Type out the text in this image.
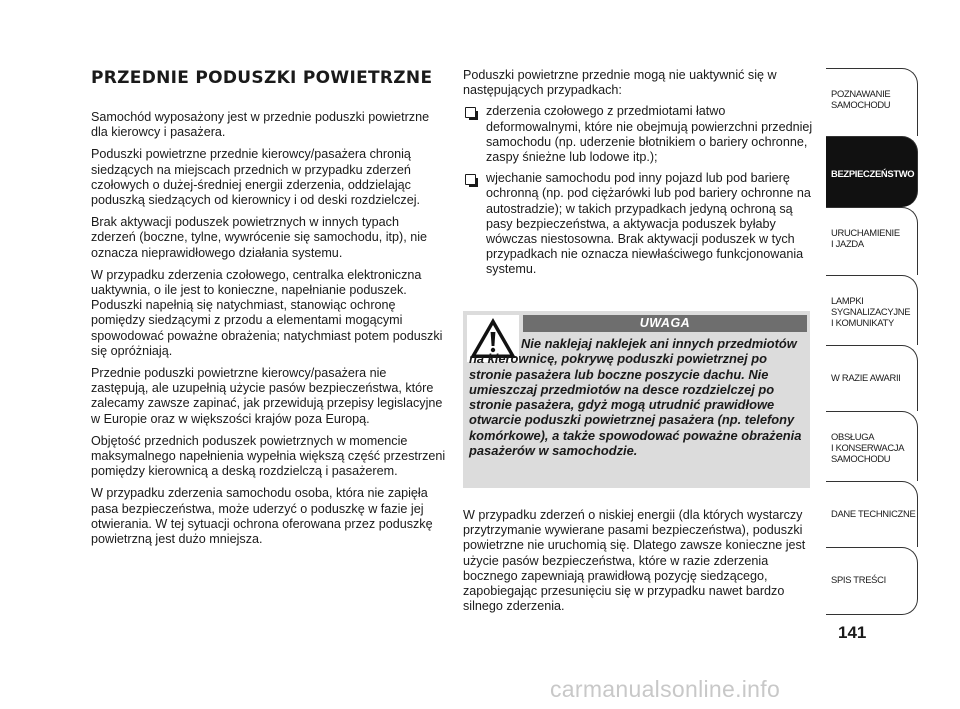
PRZEDNIE PODUSZKI POWIETRZNE

Samochód wyposażony jest w przednie poduszki powietrzne dla kierowcy i pasażera.

Poduszki powietrzne przednie kierowcy/pasażera chronią siedzących na miejscach przednich w przypadku zderzeń czołowych o dużej-średniej energii zderzenia, oddzielając poduszką siedzących od kierownicy i od deski rozdzielczej.

Brak aktywacji poduszek powietrznych w innych typach zderzeń (boczne, tylne, wywrócenie się samochodu, itp), nie oznacza nieprawidłowego działania systemu.

W przypadku zderzenia czołowego, centralka elektroniczna uaktywnia, o ile jest to konieczne, napełnianie poduszek. Poduszki napełnią się natychmiast, stanowiąc ochronę pomiędzy siedzącymi z przodu a elementami mogącymi spowodować poważne obrażenia; natychmiast potem poduszki się opróżniają.

Przednie poduszki powietrzne kierowcy/pasażera nie zastępują, ale uzupełnią użycie pasów bezpieczeństwa, które zalecamy zawsze zapinać, jak przewidują przepisy legislacyjne w Europie oraz w większości krajów poza Europą.

Objętość przednich poduszek powietrznych w momencie maksymalnego napełnienia wypełnia większą część przestrzeni pomiędzy kierownicą a deską rozdzielczą i pasażerem.

W przypadku zderzenia samochodu osoba, która nie zapięła pasa bezpieczeństwa, może uderzyć o poduszkę w fazie jej otwierania. W tej sytuacji ochrona oferowana przez poduszkę powietrzną jest dużo mniejsza.

Poduszki powietrzne przednie mogą nie uaktywnić się w następujących przypadkach:

zderzenia czołowego z przedmiotami łatwo deformowalnymi, które nie obejmują powierzchni przedniej samochodu (np. uderzenie błotnikiem o bariery ochronne, zaspy śnieżne lub lodowe itp.);
wjechanie samochodu pod inny pojazd lub pod barierę ochronną (np. pod ciężarówki lub pod bariery ochronne na autostradzie); w takich przypadkach jedyną ochroną są pasy bezpieczeństwa, a aktywacja poduszek byłaby wówczas niestosowna. Brak aktywacji poduszek w tych przypadkach nie oznacza niewłaściwego funkcjonowania systemu.
UWAGA
Nie naklejaj naklejek ani innych przedmiotów na kierownicę, pokrywę poduszki powietrznej po stronie pasażera lub boczne poszycie dachu. Nie umieszczaj przedmiotów na desce rozdzielczej po stronie pasażera, gdyż mogą utrudnić prawidłowe otwarcie poduszki powietrznej pasażera (np. telefony komórkowe), a także spowodować poważne obrażenia pasażerów w samochodzie.

W przypadku zderzeń o niskiej energii (dla których wystarczy przytrzymanie wywierane pasami bezpieczeństwa), poduszki powietrzne nie uruchomią się. Dlatego zawsze konieczne jest użycie pasów bezpieczeństwa, które w razie zderzenia bocznego zapewniają prawidłową pozycję siedzącego, zapobiegając przesunięciu się w przypadku nawet bardzo silnego zderzenia.

POZNAWANIE
SAMOCHODU
BEZPIECZEŃSTWO
URUCHAMIENIE
I JAZDA
LAMPKI
SYGNALIZACYJNE
I KOMUNIKATY
W RAZIE AWARII
OBSŁUGA
I KONSERWACJA
SAMOCHODU
DANE TECHNICZNE
SPIS TREŚCI
141
carmanualsonline.info
